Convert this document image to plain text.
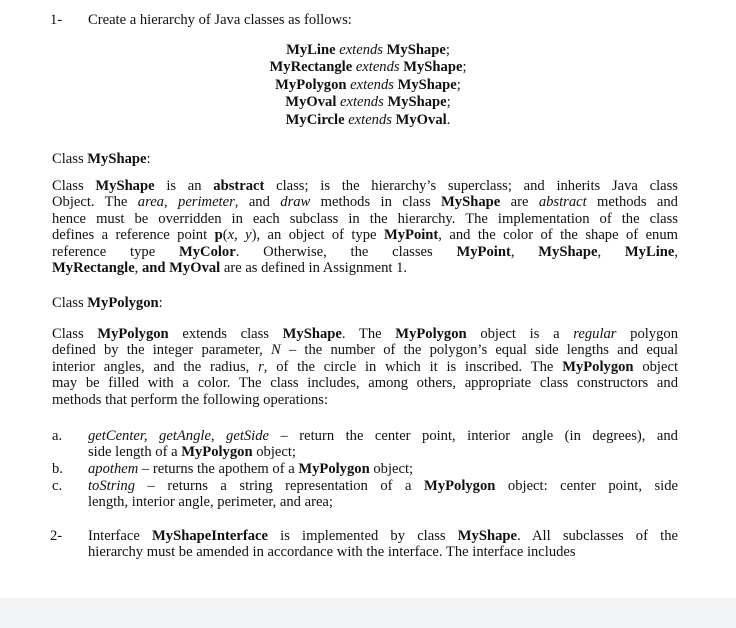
1-	Create a hierarchy of Java classes as follows:
MyLine extends MyShape;
MyRectangle extends MyShape;
MyPolygon extends MyShape;
MyOval extends MyShape;
MyCircle extends MyOval.
Class MyShape:
Class MyShape is an abstract class; is the hierarchy’s superclass; and inherits Java class
Object. The area, perimeter, and draw methods in class MyShape are abstract methods and
hence must be overridden in each subclass in the hierarchy. The implementation of the class
defines a reference point p(x, y), an object of type MyPoint, and the color of the shape of enum
reference type MyColor. Otherwise, the classes MyPoint, MyShape, MyLine,
MyRectangle, and MyOval are as defined in Assignment 1.
Class MyPolygon:
Class MyPolygon extends class MyShape. The MyPolygon object is a regular polygon
defined by the integer parameter, N – the number of the polygon’s equal side lengths and equal
interior angles, and the radius, r, of the circle in which it is inscribed. The MyPolygon object
may be filled with a color. The class includes, among others, appropriate class constructors and
methods that perform the following operations:
a.	getCenter, getAngle, getSide – return the center point, interior angle (in degrees), and
side length of a MyPolygon object;
b.	apothem – returns the apothem of a MyPolygon object;
c.	toString – returns a string representation of a MyPolygon object: center point, side
length, interior angle, perimeter, and area;
2-	Interface MyShapeInterface is implemented by class MyShape. All subclasses of the
hierarchy must be amended in accordance with the interface. The interface includes
